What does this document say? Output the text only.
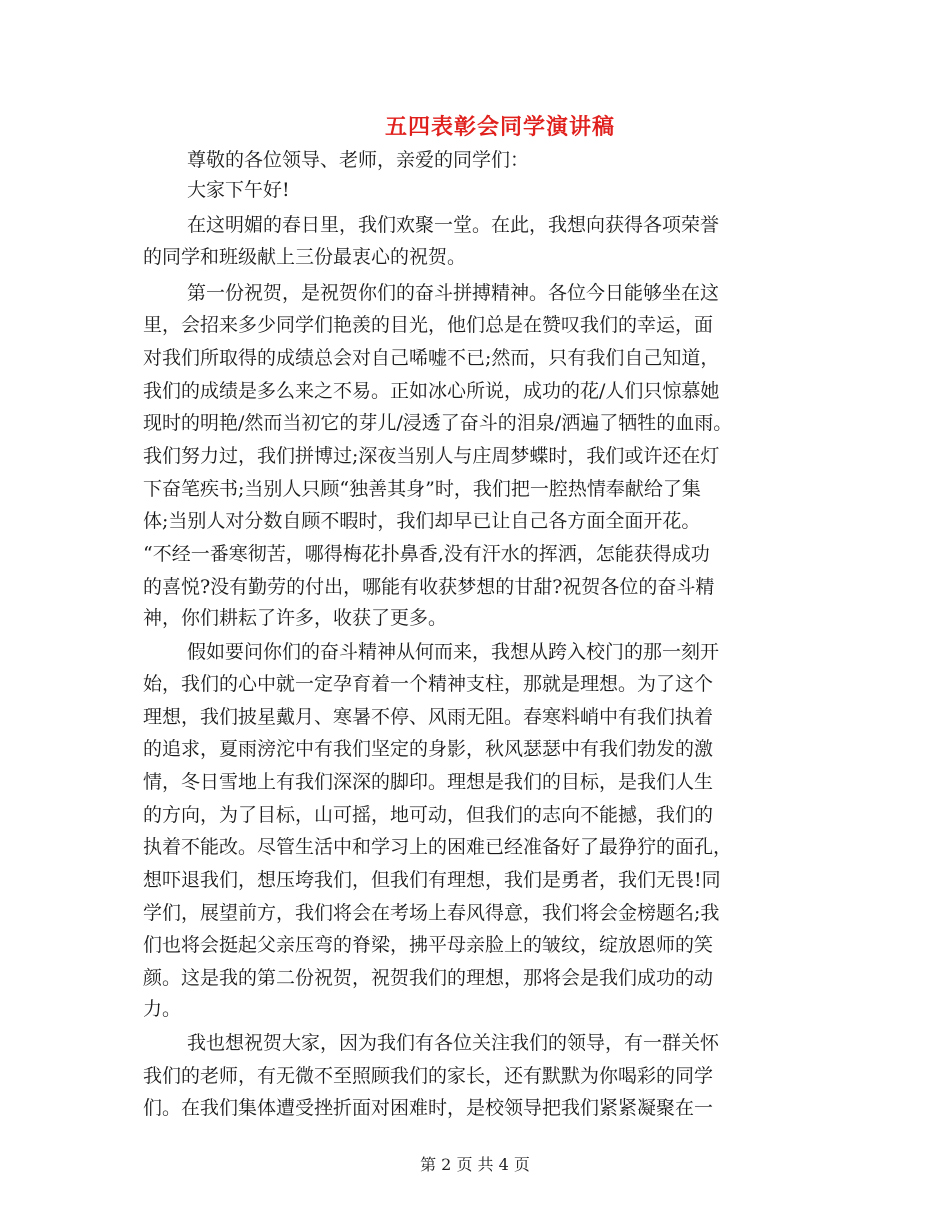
五四表彰会同学演讲稿
尊敬的各位领导、老师，亲爱的同学们：
大家下午好!
在这明媚的春日里，我们欢聚一堂。在此，我想向获得各项荣誉
的同学和班级献上三份最衷心的祝贺。
第一份祝贺，是祝贺你们的奋斗拼搏精神。各位今日能够坐在这
里，会招来多少同学们艳羡的目光，他们总是在赞叹我们的幸运，面
对我们所取得的成绩总会对自己唏嘘不已;然而，只有我们自己知道，
我们的成绩是多么来之不易。正如冰心所说，成功的花/人们只惊慕她
现时的明艳/然而当初它的芽儿/浸透了奋斗的泪泉/洒遍了牺牲的血雨。
我们努力过，我们拼博过;深夜当别人与庄周梦蝶时，我们或许还在灯
下奋笔疾书;当别人只顾“独善其身”时，我们把一腔热情奉献给了集
体;当别人对分数自顾不暇时，我们却早已让自己各方面全面开花。
“不经一番寒彻苦，哪得梅花扑鼻香,没有汗水的挥洒，怎能获得成功
的喜悦?没有勤劳的付出，哪能有收获梦想的甘甜?祝贺各位的奋斗精
神，你们耕耘了许多，收获了更多。
假如要问你们的奋斗精神从何而来，我想从跨入校门的那一刻开
始，我们的心中就一定孕育着一个精神支柱，那就是理想。为了这个
理想，我们披星戴月、寒暑不停、风雨无阻。春寒料峭中有我们执着
的追求，夏雨滂沱中有我们坚定的身影，秋风瑟瑟中有我们勃发的激
情，冬日雪地上有我们深深的脚印。理想是我们的目标，是我们人生
的方向，为了目标，山可摇，地可动，但我们的志向不能撼，我们的
执着不能改。尽管生活中和学习上的困难已经准备好了最狰狞的面孔，
想吓退我们，想压垮我们，但我们有理想，我们是勇者，我们无畏!同
学们，展望前方，我们将会在考场上春风得意，我们将会金榜题名;我
们也将会挺起父亲压弯的脊梁，拂平母亲脸上的皱纹，绽放恩师的笑
颜。这是我的第二份祝贺，祝贺我们的理想，那将会是我们成功的动
力。
我也想祝贺大家，因为我们有各位关注我们的领导，有一群关怀
我们的老师，有无微不至照顾我们的家长，还有默默为你喝彩的同学
们。在我们集体遭受挫折面对困难时，是校领导把我们紧紧凝聚在一
第 2 页 共 4 页
